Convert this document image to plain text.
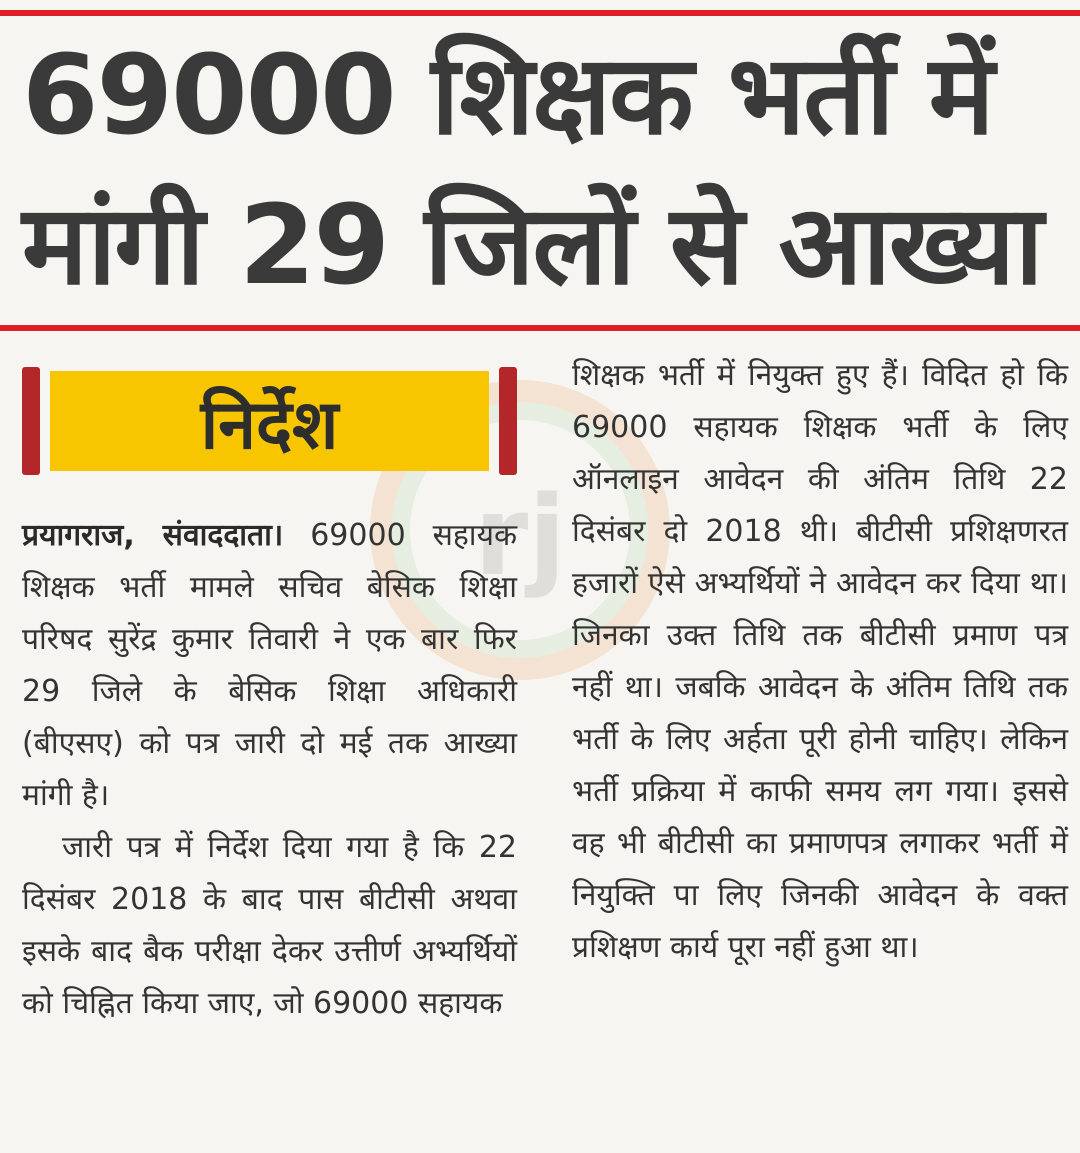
69000 शिक्षक भर्ती में
मांगी 29 जिलों से आख्या
rj
निर्देश

प्रयागराज, संवाददाता। 69000 सहायक शिक्षक भर्ती मामले सचिव बेसिक शिक्षा परिषद सुरेंद्र कुमार तिवारी ने एक बार फिर 29 जिले के बेसिक शिक्षा अधिकारी (बीएसए) को पत्र जारी दो मई तक आख्या मांगी है।

जारी पत्र में निर्देश दिया गया है कि 22 दिसंबर 2018 के बाद पास बीटीसी अथवा इसके बाद बैक परीक्षा देकर उत्तीर्ण अभ्यर्थियों को चिह्नित किया जाए, जो 69000 सहायक

शिक्षक भर्ती में नियुक्त हुए हैं। विदित हो कि 69000 सहायक शिक्षक भर्ती के लिए ऑनलाइन आवेदन की अंतिम तिथि 22 दिसंबर दो 2018 थी। बीटीसी प्रशिक्षणरत हजारों ऐसे अभ्यर्थियों ने आवेदन कर दिया था। जिनका उक्त तिथि तक बीटीसी प्रमाण पत्र नहीं था। जबकि आवेदन के अंतिम तिथि तक भर्ती के लिए अर्हता पूरी होनी चाहिए। लेकिन भर्ती प्रक्रिया में काफी समय लग गया। इससे वह भी बीटीसी का प्रमाणपत्र लगाकर भर्ती में नियुक्ति पा लिए जिनकी आवेदन के वक्त प्रशिक्षण कार्य पूरा नहीं हुआ था।
